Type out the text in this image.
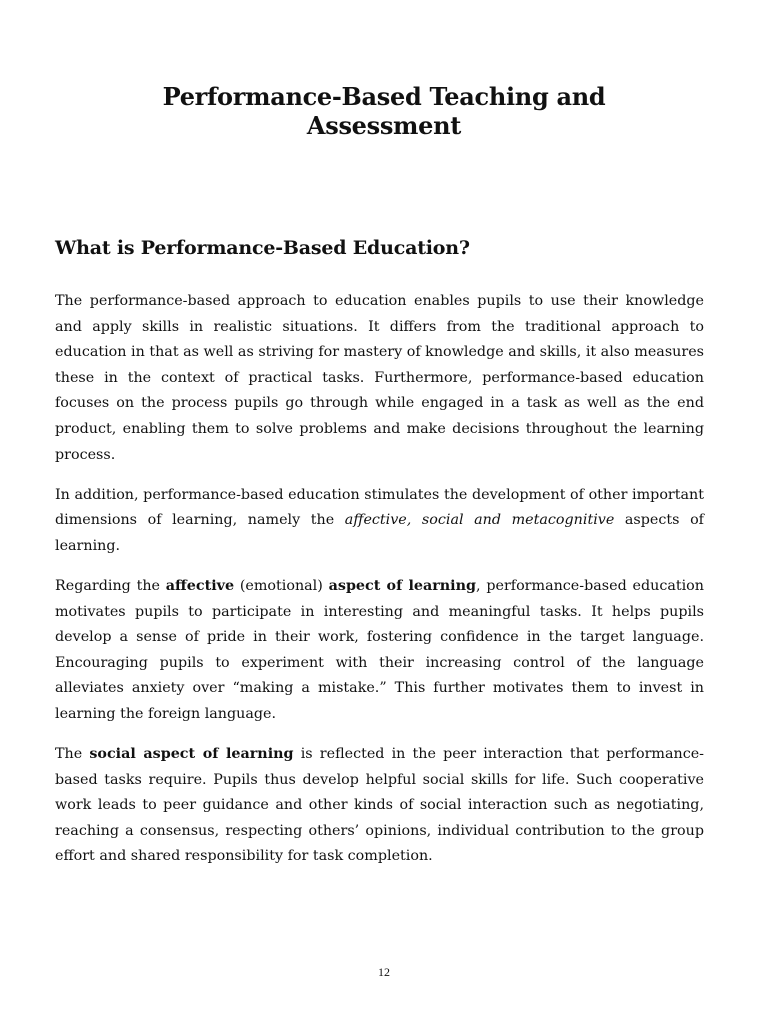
Performance-Based Teaching and
Assessment
What is Performance-Based Education?

The performance-based approach to education enables pupils to use their knowledge and apply skills in realistic situations. It differs from the traditional approach to education in that as well as striving for mastery of knowledge and skills, it also measures these in the context of practical tasks. Furthermore, performance-based education focuses on the process pupils go through while engaged in a task as well as the end product, enabling them to solve problems and make decisions throughout the learning process.

In addition, performance-based education stimulates the development of other important dimensions of learning, namely the affective, social and metacognitive aspects of learning.

Regarding the affective (emotional) aspect of learning, performance-based education motivates pupils to participate in interesting and meaningful tasks. It helps pupils develop a sense of pride in their work, fostering confidence in the target language. Encouraging pupils to experiment with their increasing control of the language alleviates anxiety over “making a mistake.” This further motivates them to invest in learning the foreign language.

The social aspect of learning is reflected in the peer interaction that performance-based tasks require. Pupils thus develop helpful social skills for life. Such cooperative work leads to peer guidance and other kinds of social interaction such as negotiating, reaching a consensus, respecting others’ opinions, individual contribution to the group effort and shared responsibility for task completion.

12
